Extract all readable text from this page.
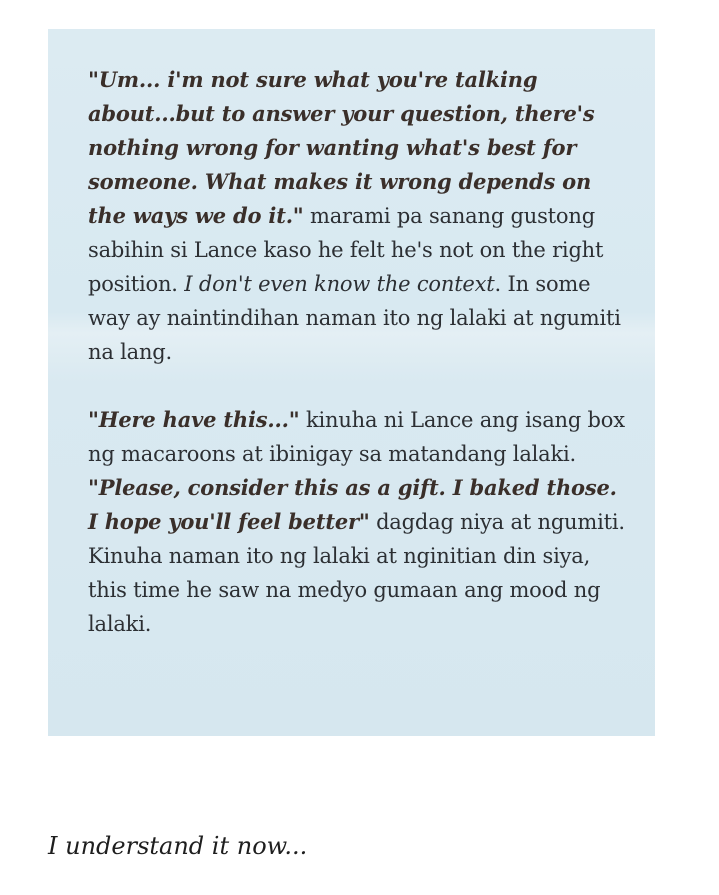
"Um... i'm not sure what you're talking about...but to answer your question, there's nothing wrong for wanting what's best for someone. What makes it wrong depends on the ways we do it." marami pa sanang gustong sabihin si Lance kaso he felt he's not on the right position. I don't even know the context. In some way ay naintindihan naman ito ng lalaki at ngumiti na lang.

"Here have this..." kinuha ni Lance ang isang box ng macaroons at ibinigay sa matandang lalaki. "Please, consider this as a gift. I baked those. I hope you'll feel better" dagdag niya at ngumiti. Kinuha naman ito ng lalaki at nginitian din siya, this time he saw na medyo gumaan ang mood ng lalaki.

I understand it now...
